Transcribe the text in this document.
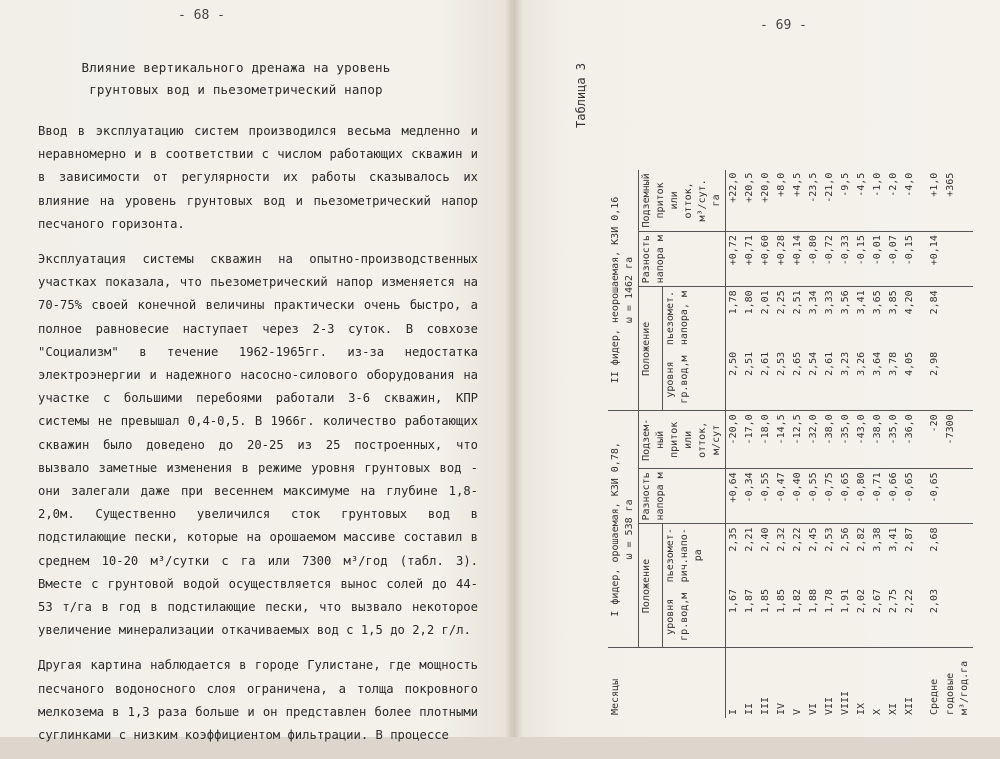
- 68 -
Влияние вертикального дренажа на уровень
грунтовых вод и пьезометрический напор

Ввод в эксплуатацию систем производился весьма медленно и неравномерно и в соответствии с числом работающих скважин и в зависимости от регулярности их работы сказывалось их влияние на уровень грунтовых вод и пьезометрический напор песчаного горизонта.

Эксплуатация системы скважин на опытно-производственных участках показала, что пьезометрический напор изменяется на 70-75% своей конечной величины практически очень быстро, а полное равновесие наступает через 2-3 суток. В совхозе "Социализм" в течение 1962-1965гг. из-за недостатка электроэнергии и надежного насосно-силового оборудования на участке с большими перебоями работали 3-6 скважин, КПР системы не превышал 0,4-0,5. В 1966г. количество работающих скважин было доведено до 20-25 из 25 построенных, что вызвало заметные изменения в режиме уровня грунтовых вод - они залегали даже при весеннем максимуме на глубине 1,8-2,0м. Существенно увеличился сток грунтовых вод в подстилающие пески, которые на орошаемом массиве составил в среднем 10-20 м³/сутки с га или 7300 м³/год (табл. 3). Вместе с грунтовой водой осуществляется вынос солей до 44-53 т/га в год в подстилающие пески, что вызвало некоторое увеличение минерализации откачиваемых вод с 1,5 до 2,2 г/л.

Другая картина наблюдается в городе Гулистане, где мощность песчаного водоносного слоя ограничена, а толща покровного мелкозема в 1,3 раза больше и он представлен более плотными суглинками с низким коэффициентом фильтрации. В процессе

- 69 -
Таблица 3
Месяцы	I фидер, орошаемая, КЗИ 0,78, ω = 538 га				II фидер, неорошаемая, КЗИ 0,16 ω = 1462 га			

	Положение		Разность напора м	Подзем-ный приток или отток, м/сут	Положение		Разность напора м	Подземный приток или отток, м³/сут. га
	уровня гр.вод,м	пьезомет-рич.напо-ра			уровня гр.вод,м	пьезомет. напора, м		
I	1,67	2,35	+0,64	-20,0	2,50	1,78	+0,72	+22,0
II	1,87	2,21	-0,34	-17,0	2,51	1,80	+0,71	+20,5
III	1,85	2,40	-0,55	-18,0	2,61	2,01	+0,60	+20,0
IV	1,85	2,32	-0,47	-14,5	2,53	2,25	+0,28	+8,0
V	1,82	2,22	-0,40	-12,5	2,65	2,51	+0,14	+4,5
VI	1,88	2,45	-0,55	-32,0	2,54	3,34	-0,80	-23,5
VII	1,78	2,53	-0,75	-38,0	2,61	3,33	-0,72	-21,0
VIII	1,91	2,56	-0,65	-35,0	3,23	3,56	-0,33	-9,5
IX	2,02	2,82	-0,80	-43,0	3,26	3,41	-0,15	-4,5
X	2,67	3,38	-0,71	-38,0	3,64	3,65	-0,01	-1,0
XI	2,75	3,41	-0,66	-35,0	3,78	3,85	-0,07	-2,0
XII	2,22	2,87	-0,65	-36,0	4,05	4,20	-0,15	-4,0
Средне	2,03	2,68	-0,65	-20	2,98	2,84	+0,14	+1,0
годовые м³/год.га				-7300				+365
